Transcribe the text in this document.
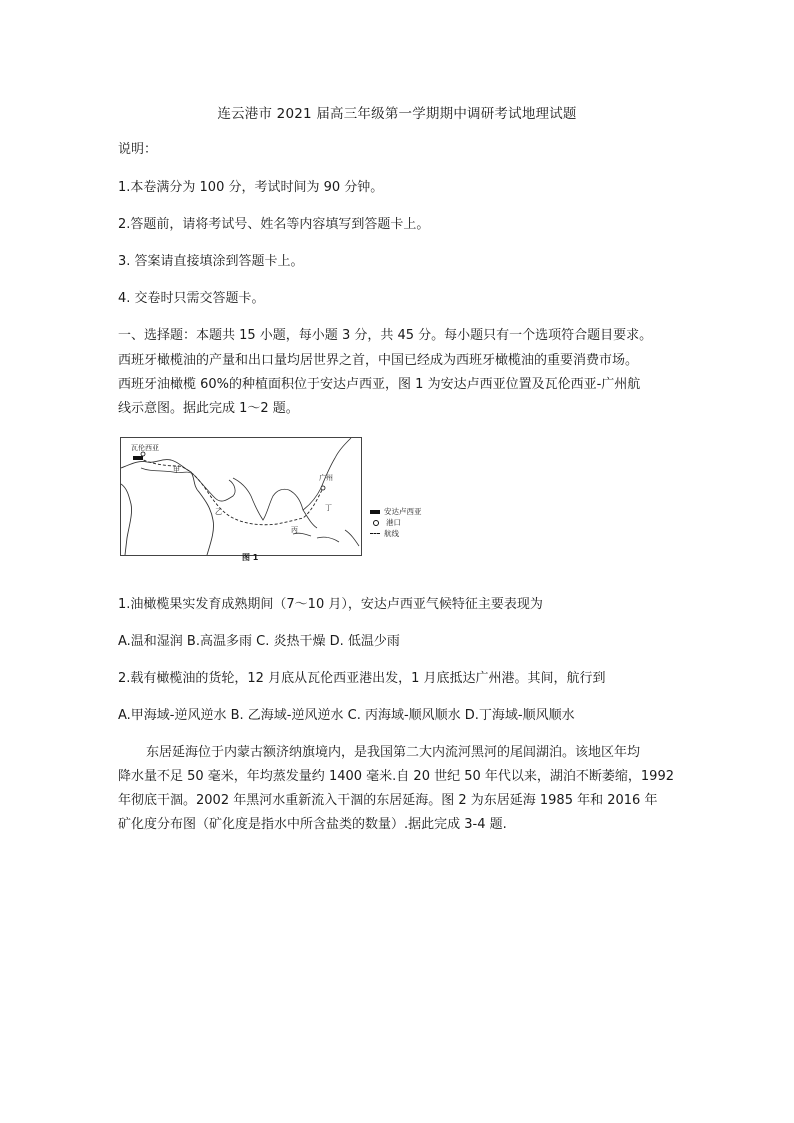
连云港市 2021 届高三年级第一学期期中调研考试地理试题
说明：
1.本卷满分为 100 分，考试时间为 90 分钟。
2.答题前，请将考试号、姓名等内容填写到答题卡上。
3. 答案请直接填涂到答题卡上。
4. 交卷时只需交答题卡。
一、选择题：本题共 15 小题，每小题 3 分，共 45 分。每小题只有一个选项符合题目要求。
西班牙橄榄油的产量和出口量均居世界之首，中国已经成为西班牙橄榄油的重要消费市场。
西班牙油橄榄 60%的种植面积位于安达卢西亚，图 1 为安达卢西亚位置及瓦伦西亚-广州航
线示意图。据此完成 1～2 题。
瓦伦西亚
甲
乙
丙
丁
广州
安达卢西亚
港口
航线
图 1
1.油橄榄果实发育成熟期间（7～10 月），安达卢西亚气候特征主要表现为
A.温和湿润 B.高温多雨 C. 炎热干燥 D. 低温少雨
2.载有橄榄油的货轮，12 月底从瓦伦西亚港出发，1 月底抵达广州港。其间，航行到
A.甲海域-逆风逆水 B. 乙海域-逆风逆水 C. 丙海域-顺风顺水 D.丁海域-顺风顺水
东居延海位于内蒙古额济纳旗境内，是我国第二大内流河黑河的尾闾湖泊。该地区年均
降水量不足 50 毫米，年均蒸发量约 1400 毫米.自 20 世纪 50 年代以来，湖泊不断萎缩，1992
年彻底干涸。2002 年黑河水重新流入干涸的东居延海。图 2 为东居延海 1985 年和 2016 年
矿化度分布图（矿化度是指水中所含盐类的数量）.据此完成 3-4 题.
